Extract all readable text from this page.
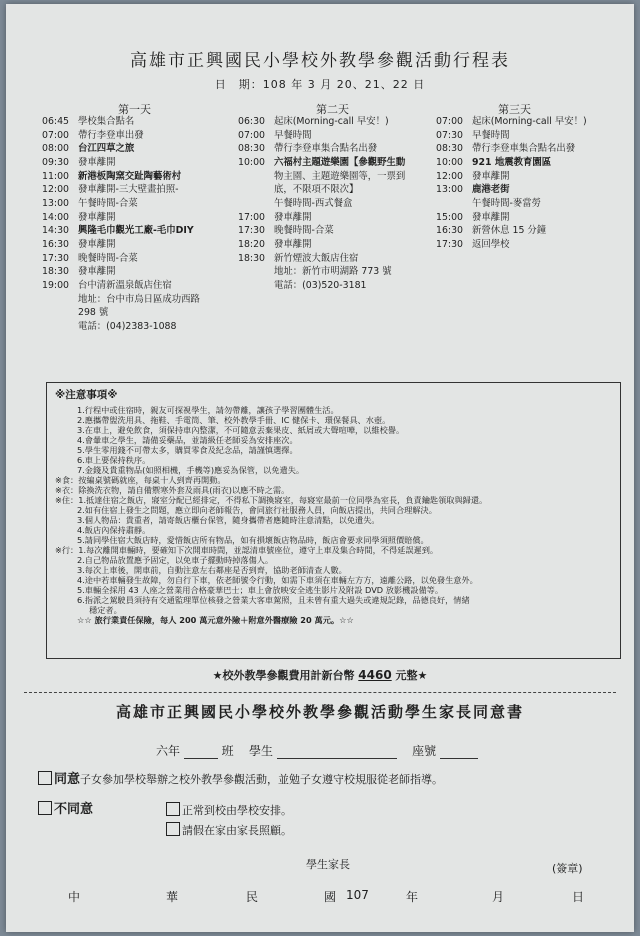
高雄市正興國民小學校外教學參觀活動行程表
日　期：108 年 3 月 20、21、22 日
第一天
06:45 學校集合點名
07:00 帶行李登車出發
08:00 台江四草之旅
09:30 發車離開
11:00 新港板陶窯交趾陶藝術村
12:00 發車離開-三大壁畫拍照-
13:00 午餐時間-合菜
14:00 發車離開
14:30 興隆毛巾觀光工廠-毛巾DIY
16:30 發車離開
17:30 晚餐時間-合菜
18:30 發車離開
19:00 台中清新溫泉飯店住宿
地址：台中市烏日區成功西路
298 號
電話：(04)2383-1088
第二天
06:30 起床(Morning-call 早安！)
07:00 早餐時間
08:30 帶行李登車集合點名出發
10:00 六福村主題遊樂園【參觀野生動
物主園、主題遊樂園等，一票到
底，不限項不限次】
午餐時間-西式餐盒
17:00 發車離開
17:30 晚餐時間-合菜
18:20 發車離開
18:30 新竹煙波大飯店住宿
地址：新竹市明湖路 773 號
電話：(03)520-3181
第三天
07:00 起床(Morning-call 早安！)
07:30 早餐時間
08:30 帶行李登車集合點名出發
10:00 921 地震教育園區
12:00 發車離開
13:00 鹿港老街
午餐時間-麥當勞
15:00 發車離開
16:30 新營休息 15 分鐘
17:30 返回學校
※注意事項※
1.行程中或住宿時，親友可探視學生，請勿帶離，讓孩子學習團體生活。
2.應攜帶盥洗用具、拖鞋、手電筒、筆、校外教學手冊、IC 健保卡、環保餐具、水壺。
3.在車上，避免飲食，須保持車內整潔，不可隨意丟棄果皮、紙屑或大聲喧嘩，以維校譽。
4.會暈車之學生，請備妥藥品，並請級任老師妥為安排座次。
5.學生零用錢不可帶太多，購買零食及紀念品，請謹慎選擇。
6.車上要保持秩序。
7.金錢及貴重物品(如照相機，手機等)應妥為保管，以免遺失。
※食：按編桌號碼就座，每桌十人到齊再開動。
※衣：除換洗衣物，請自備禦寒外套及雨具(雨衣)以應不時之需。
※住：1.抵達住宿之飯店，寢室分配已經排定，不得私下調換寢室，每寢室最前一位同學為室長，負責鑰匙領取與歸還。
2.如有住宿上發生之問題，應立即向老師報告，會同旅行社服務人員，向飯店提出，共同合理解決。
3.個人物品：貴重者，請寄飯店櫃台保管，隨身攜帶者應隨時注意清點，以免遺失。
4.飯店內保持肅靜。
5.請同學住宿大飯店時，愛惜飯店所有物品，如有損壞飯店物品時，飯店會要求同學須照價賠償。
※行：1.每次離開車輛時，要確知下次開車時間，並認清車號座位，遵守上車及集合時間，不得延誤遲到。
2.自己物品放置應予固定，以免車子擺動時掉落傷人。
3.每次上車後，開車前，自動注意左右鄰座是否到齊，協助老師清查人數。
4.途中若車輛發生故障，勿自行下車，依老師號令行動，如需下車須在車輛左方方，遠離公路，以免發生意外。
5.車輛全採用 43 人座之營業用合格豪華巴士；車上會放映安全逃生影片及附設 DVD 放影機設備等。
6.指派之駕駛員須持有交通監理單位核發之營業大客車駕照，且未曾有重大過失或違規記錄，品德良好，情緒
穩定者。
☆☆ 旅行業責任保險，每人 200 萬元意外險＋附意外醫療險 20 萬元。☆☆
★校外教學參觀費用計新台幣 4460 元整★
高雄市正興國民小學校外教學參觀活動學生家長同意書
六年	班 學生	座號
同意子女參加學校舉辦之校外教學參觀活動，並勉子女遵守校規服從老師指導。
不同意	正常到校由學校安排。
請假在家由家長照顧。
學生家長	(簽章)
中	華	民	國 107	年	月	日
